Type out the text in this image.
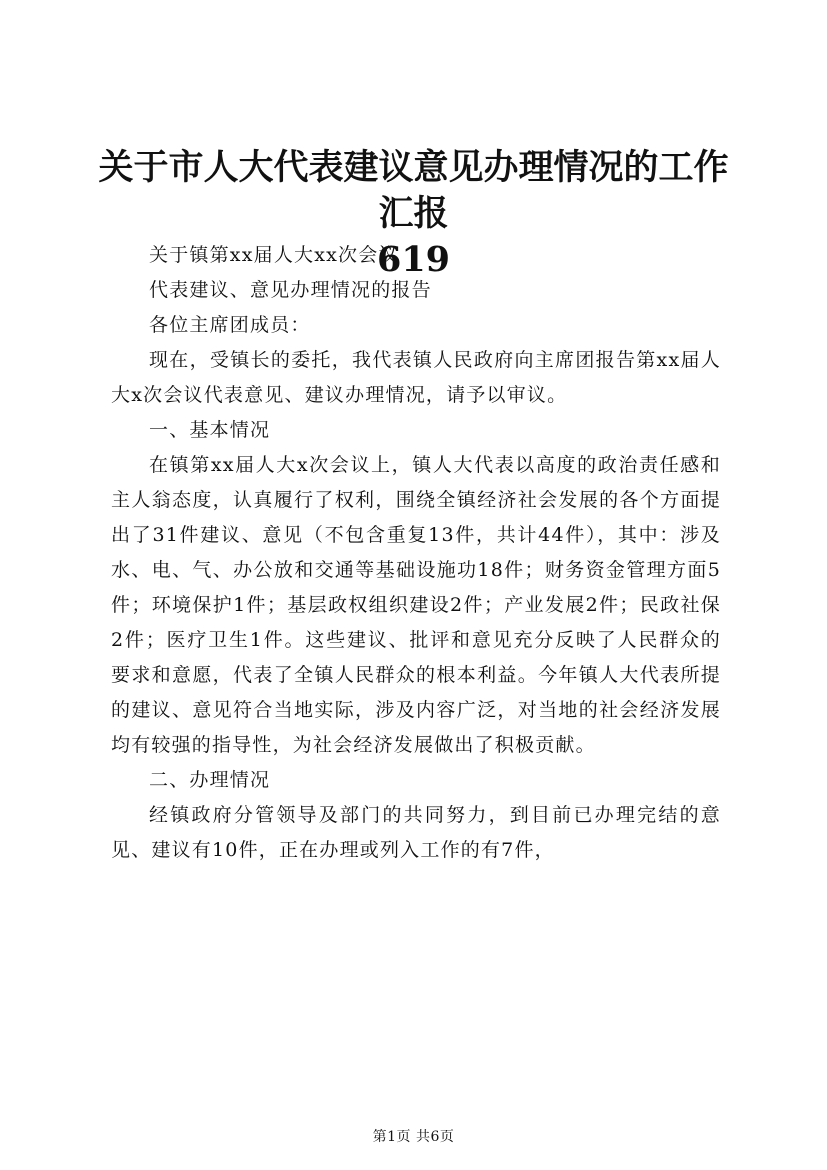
关于市人大代表建议意见办理情况的工作汇报
619

关于镇第xx届人大xx次会议

代表建议、意见办理情况的报告

各位主席团成员：

现在，受镇长的委托，我代表镇人民政府向主席团报告第xx届人大x次会议代表意见、建议办理情况，请予以审议。

一、基本情况

在镇第xx届人大x次会议上，镇人大代表以高度的政治责任感和主人翁态度，认真履行了权利，围绕全镇经济社会发展的各个方面提出了31件建议、意见（不包含重复13件，共计44件），其中：涉及水、电、气、办公放和交通等基础设施功18件；财务资金管理方面5件；环境保护1件；基层政权组织建设2件；产业发展2件；民政社保2件；医疗卫生1件。这些建议、批评和意见充分反映了人民群众的要求和意愿，代表了全镇人民群众的根本利益。今年镇人大代表所提的建议、意见符合当地实际，涉及内容广泛，对当地的社会经济发展均有较强的指导性，为社会经济发展做出了积极贡献。

二、办理情况

经镇政府分管领导及部门的共同努力，到目前已办理完结的意见、建议有10件，正在办理或列入工作的有7件，

第1页 共6页
